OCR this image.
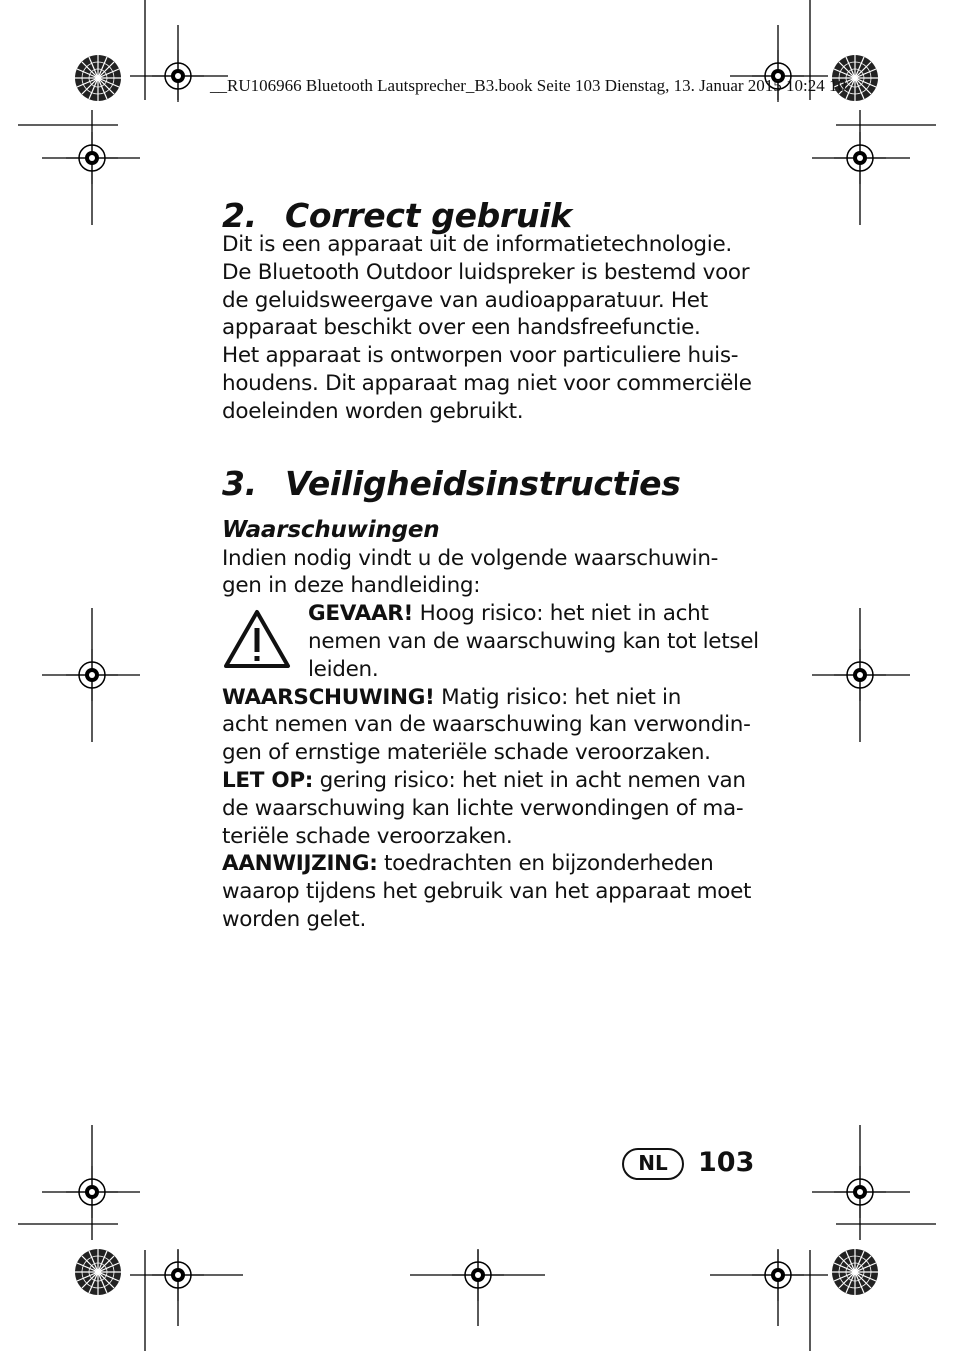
__RU106966 Bluetooth Lautsprecher_B3.book Seite 103 Dienstag, 13. Januar 2015 10:24 10
2. Correct gebruik

Dit is een apparaat uit de informatietechnologie.

De Bluetooth Outdoor luidspreker is bestemd voor

de geluidsweergave van audioapparatuur. Het

apparaat beschikt over een handsfreefunctie.

Het apparaat is ontworpen voor particuliere huis-

houdens. Dit apparaat mag niet voor commerciële

doeleinden worden gebruikt.

3. Veiligheidsinstructies
Waarschuwingen

Indien nodig vindt u de volgende waarschuwin-

gen in deze handleiding:

GEVAAR! Hoog risico: het niet in acht

nemen van de waarschuwing kan tot letsel

leiden.

WAARSCHUWING! Matig risico: het niet in

acht nemen van de waarschuwing kan verwondin-

gen of ernstige materiële schade veroorzaken.

LET OP: gering risico: het niet in acht nemen van

de waarschuwing kan lichte verwondingen of ma-

teriële schade veroorzaken.

AANWIJZING: toedrachten en bijzonderheden

waarop tijdens het gebruik van het apparaat moet

worden gelet.

NL	103
